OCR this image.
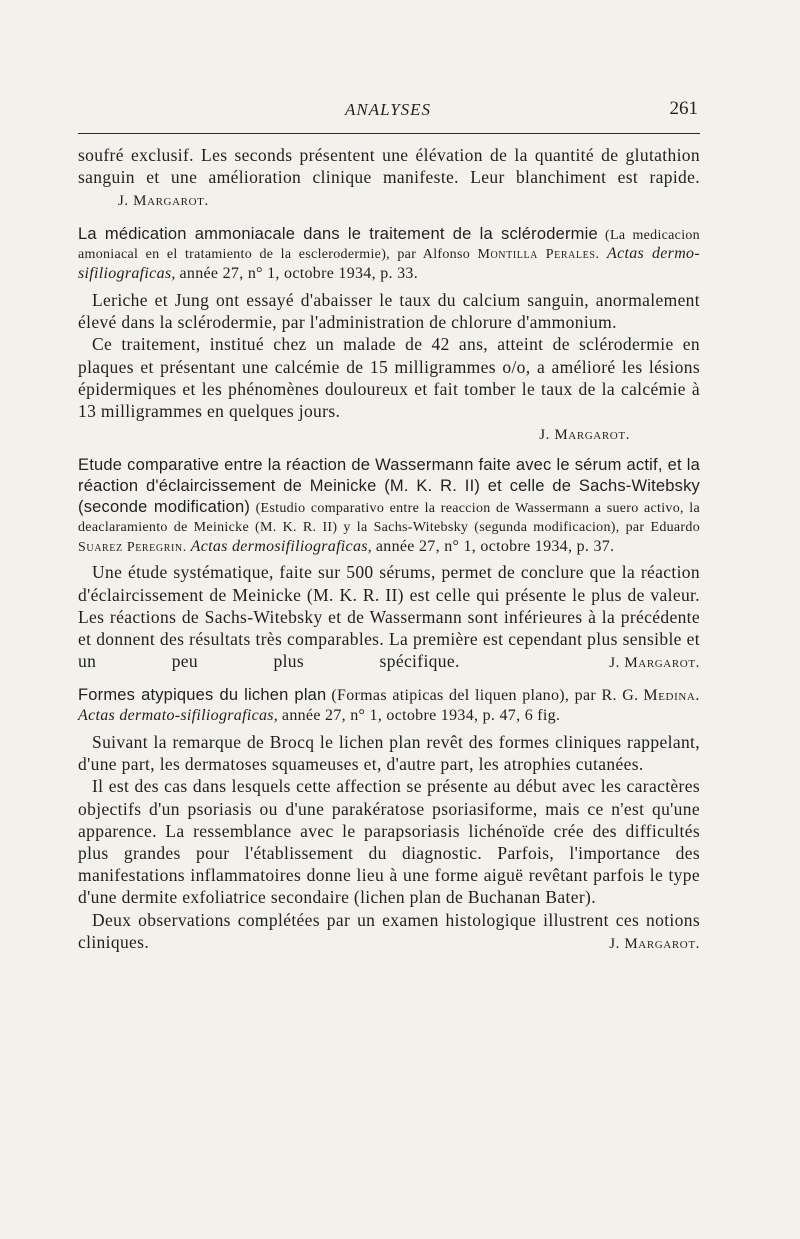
ANALYSES	261

soufré exclusif. Les seconds présentent une élévation de la quantité de glutathion sanguin et une amélioration clinique manifeste. Leur blanchiment est rapide. J. Margarot.

La médication ammoniacale dans le traitement de la sclérodermie (La medicacion amoniacal en el tratamiento de la esclerodermie), par Alfonso Montilla Perales. Actas dermo-sifiliograficas, année 27, n° 1, octobre 1934, p. 33.

Leriche et Jung ont essayé d'abaisser le taux du calcium sanguin, anormalement élevé dans la sclérodermie, par l'administration de chlorure d'ammonium.

Ce traitement, institué chez un malade de 42 ans, atteint de sclérodermie en plaques et présentant une calcémie de 15 milligrammes o/o, a amélioré les lésions épidermiques et les phénomènes douloureux et fait tomber le taux de la calcémie à 13 milligrammes en quelques jours.

J. Margarot.

Etude comparative entre la réaction de Wassermann faite avec le sérum actif, et la réaction d'éclaircissement de Meinicke (M. K. R. II) et celle de Sachs-Witebsky (seconde modification) (Estudio comparativo entre la reaccion de Wassermann a suero activo, la deaclaramiento de Meinicke (M. K. R. II) y la Sachs-Witebsky (segunda modificacion), par Eduardo Suarez Peregrin. Actas dermosifiliograficas, année 27, n° 1, octobre 1934, p. 37.

Une étude systématique, faite sur 500 sérums, permet de conclure que la réaction d'éclaircissement de Meinicke (M. K. R. II) est celle qui présente le plus de valeur. Les réactions de Sachs-Witebsky et de Wassermann sont inférieures à la précédente et donnent des résultats très comparables. La première est cependant plus sensible et un peu plus spécifique.	J. Margarot.

Formes atypiques du lichen plan (Formas atipicas del liquen plano), par R. G. Medina. Actas dermato-sifiliograficas, année 27, n° 1, octobre 1934, p. 47, 6 fig.

Suivant la remarque de Brocq le lichen plan revêt des formes cliniques rappelant, d'une part, les dermatoses squameuses et, d'autre part, les atrophies cutanées.

Il est des cas dans lesquels cette affection se présente au début avec les caractères objectifs d'un psoriasis ou d'une parakératose psoriasiforme, mais ce n'est qu'une apparence. La ressemblance avec le parapsoriasis lichénoïde crée des difficultés plus grandes pour l'établissement du diagnostic. Parfois, l'importance des manifestations inflammatoires donne lieu à une forme aiguë revêtant parfois le type d'une dermite exfoliatrice secondaire (lichen plan de Buchanan Bater).

Deux observations complétées par un examen histologique illustrent ces notions cliniques.	J. Margarot.
